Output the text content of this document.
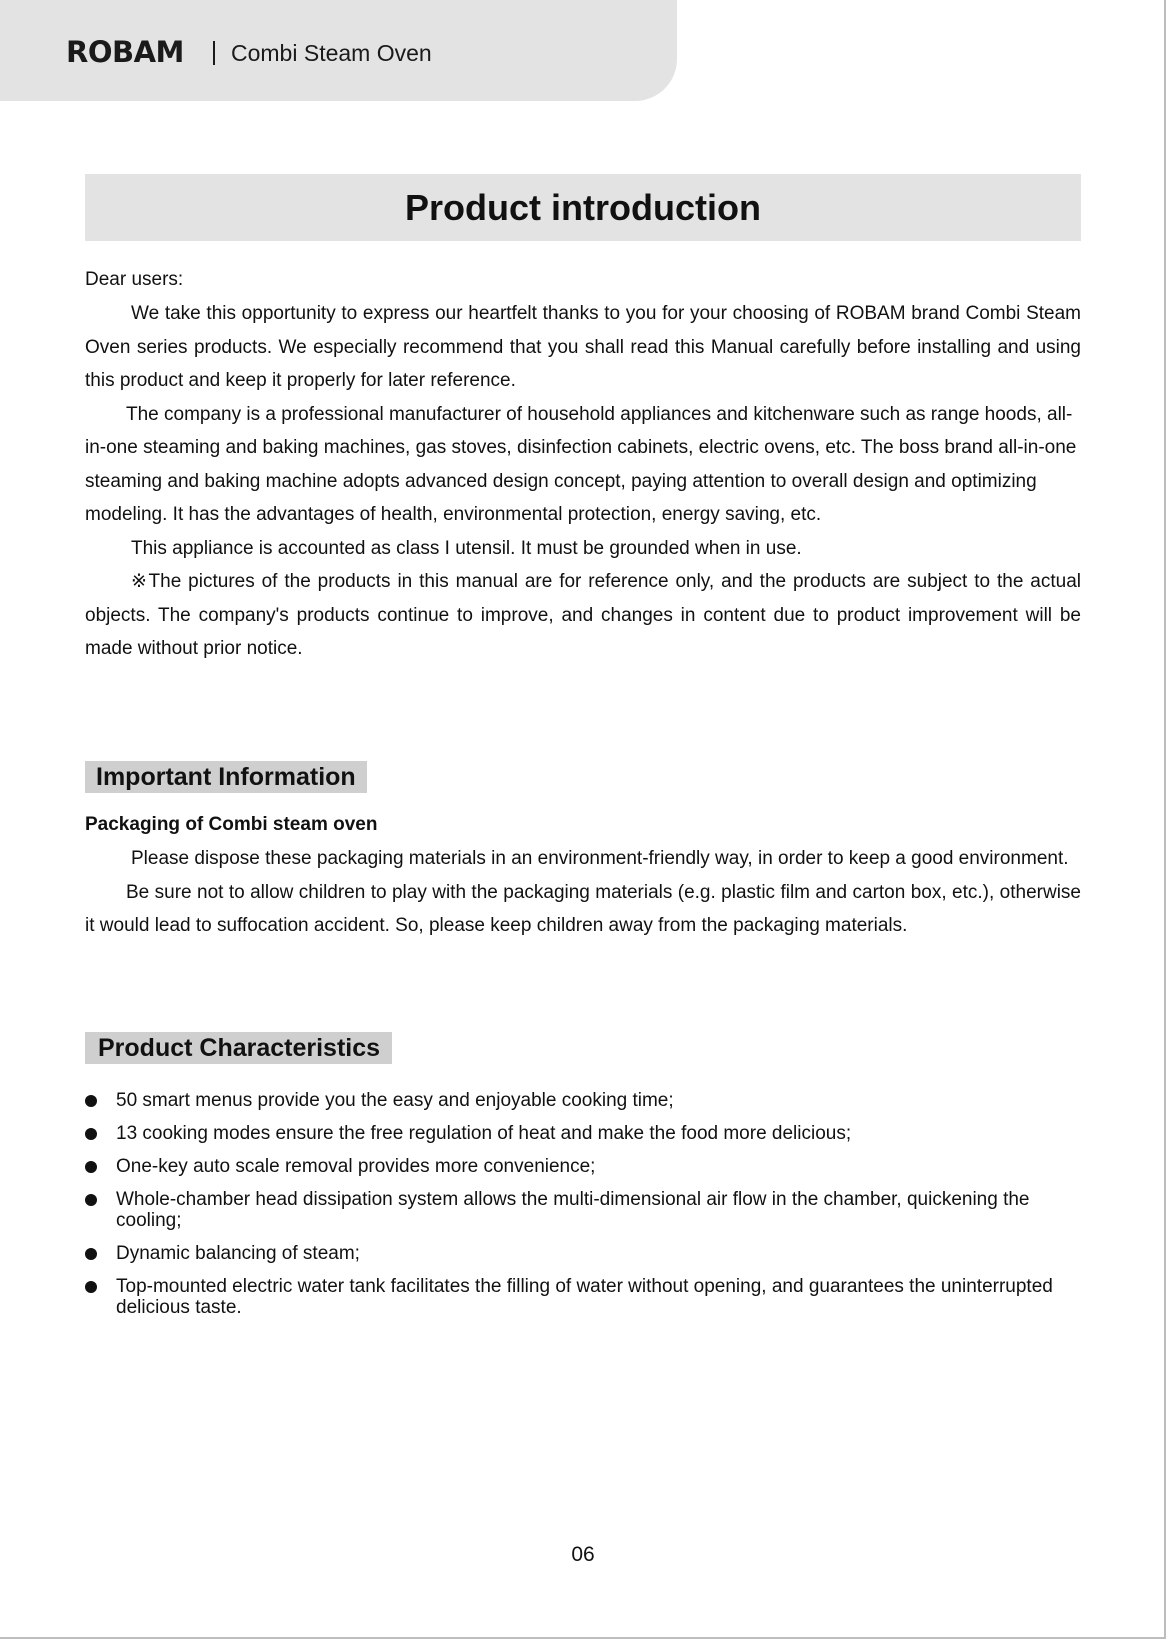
ROBAM Combi Steam Oven
Product introduction
Dear users:

We take this opportunity to express our heartfelt thanks to you for your choosing of ROBAM brand Combi Steam Oven series products. We especially recommend that you shall read this Manual carefully before installing and using this product and keep it properly for later reference.

The company is a professional manufacturer of household appliances and kitchenware such as range hoods, all-in-one steaming and baking machines, gas stoves, disinfection cabinets, electric ovens, etc. The boss brand all-in-one steaming and baking machine adopts advanced design concept, paying attention to overall design and optimizing modeling. It has the advantages of health, environmental protection, energy saving, etc.

This appliance is accounted as class I utensil. It must be grounded when in use.

※The pictures of the products in this manual are for reference only, and the products are subject to the actual objects. The company's products continue to improve, and changes in content due to product improvement will be made without prior notice.

Important Information
Packaging of Combi steam oven

Please dispose these packaging materials in an environment-friendly way, in order to keep a good environment.

Be sure not to allow children to play with the packaging materials (e.g. plastic film and carton box, etc.), otherwise it would lead to suffocation accident. So, please keep children away from the packaging materials.

Product Characteristics
50 smart menus provide you the easy and enjoyable cooking time;
13 cooking modes ensure the free regulation of heat and make the food more delicious;
One-key auto scale removal provides more convenience;
Whole-chamber head dissipation system allows the multi-dimensional air flow in the chamber, quickening the cooling;
Dynamic balancing of steam;
Top-mounted electric water tank facilitates the filling of water without opening, and guarantees the uninterrupted delicious taste.
06
